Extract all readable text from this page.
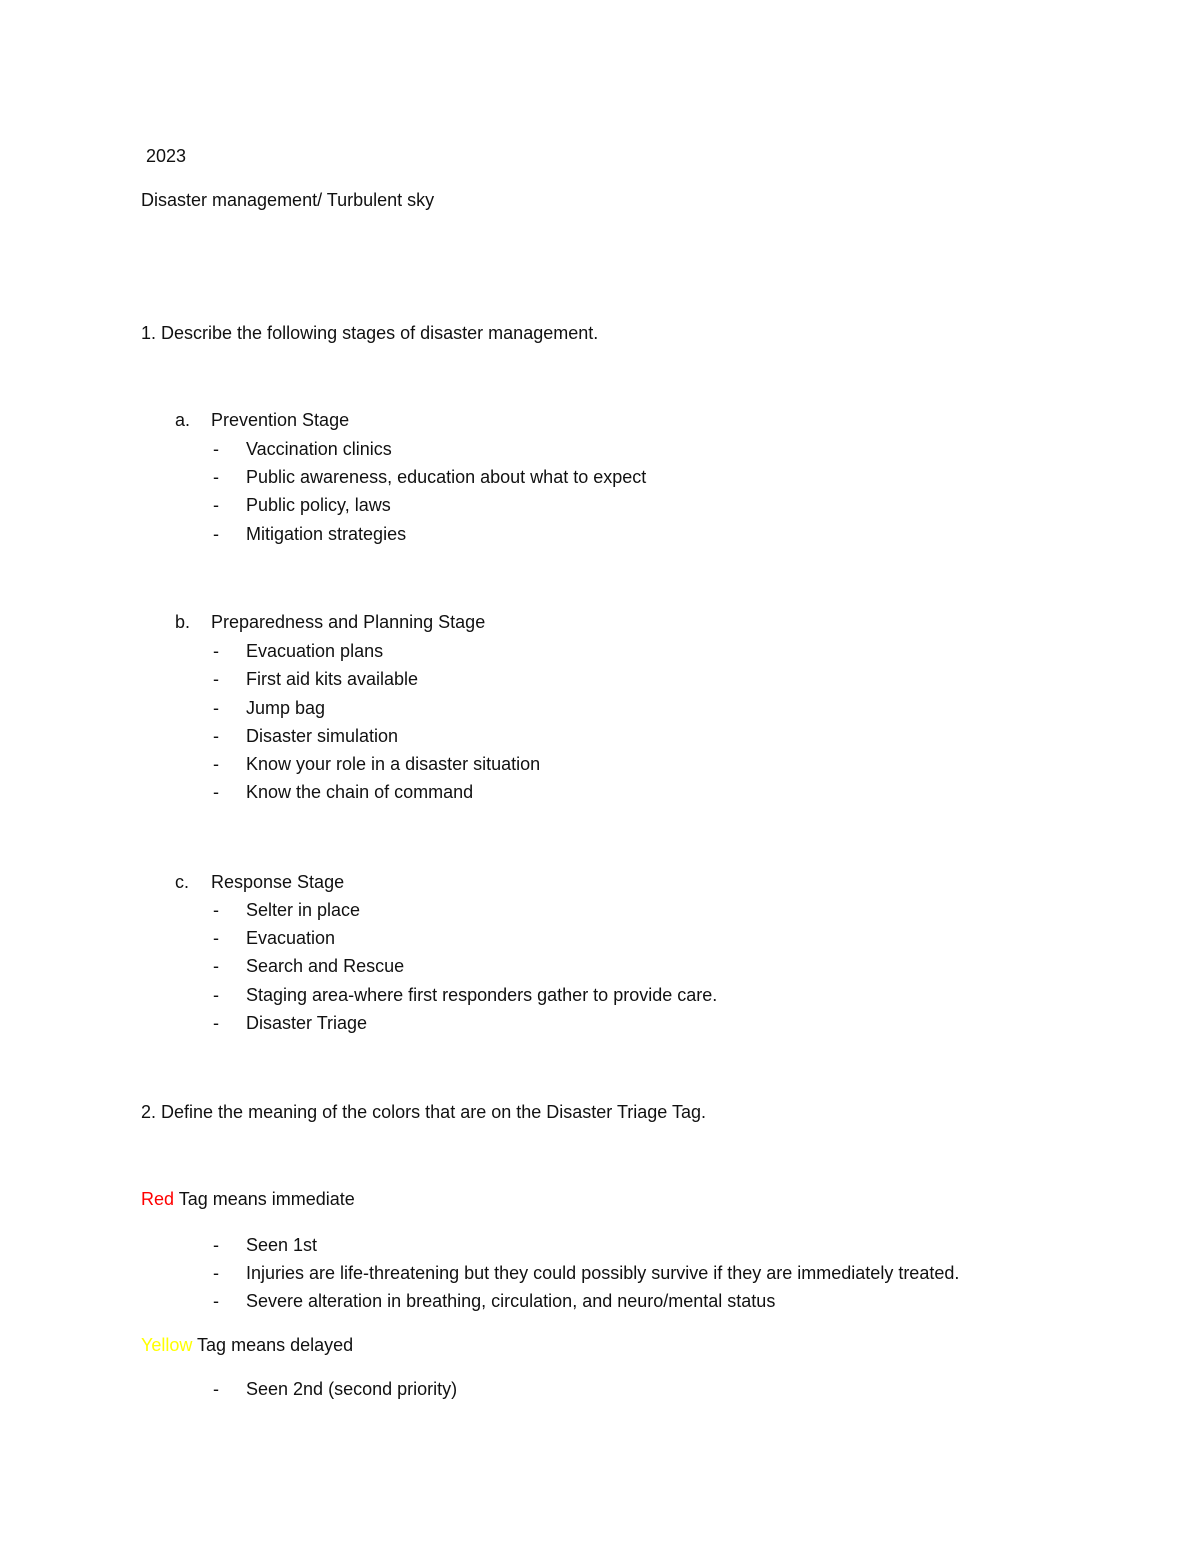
2023
Disaster management/ Turbulent sky
1. Describe the following stages of disaster management.
a. Prevention Stage
- Vaccination clinics
- Public awareness, education about what to expect
- Public policy, laws
- Mitigation strategies
b. Preparedness and Planning Stage
- Evacuation plans
- First aid kits available
- Jump bag
- Disaster simulation
- Know your role in a disaster situation
- Know the chain of command
c. Response Stage
- Selter in place
- Evacuation
- Search and Rescue
- Staging area-where first responders gather to provide care.
- Disaster Triage
2. Define the meaning of the colors that are on the Disaster Triage Tag.
Red Tag means immediate
- Seen 1st
- Injuries are life-threatening but they could possibly survive if they are immediately treated.
- Severe alteration in breathing, circulation, and neuro/mental status
Yellow Tag means delayed
- Seen 2nd (second priority)
